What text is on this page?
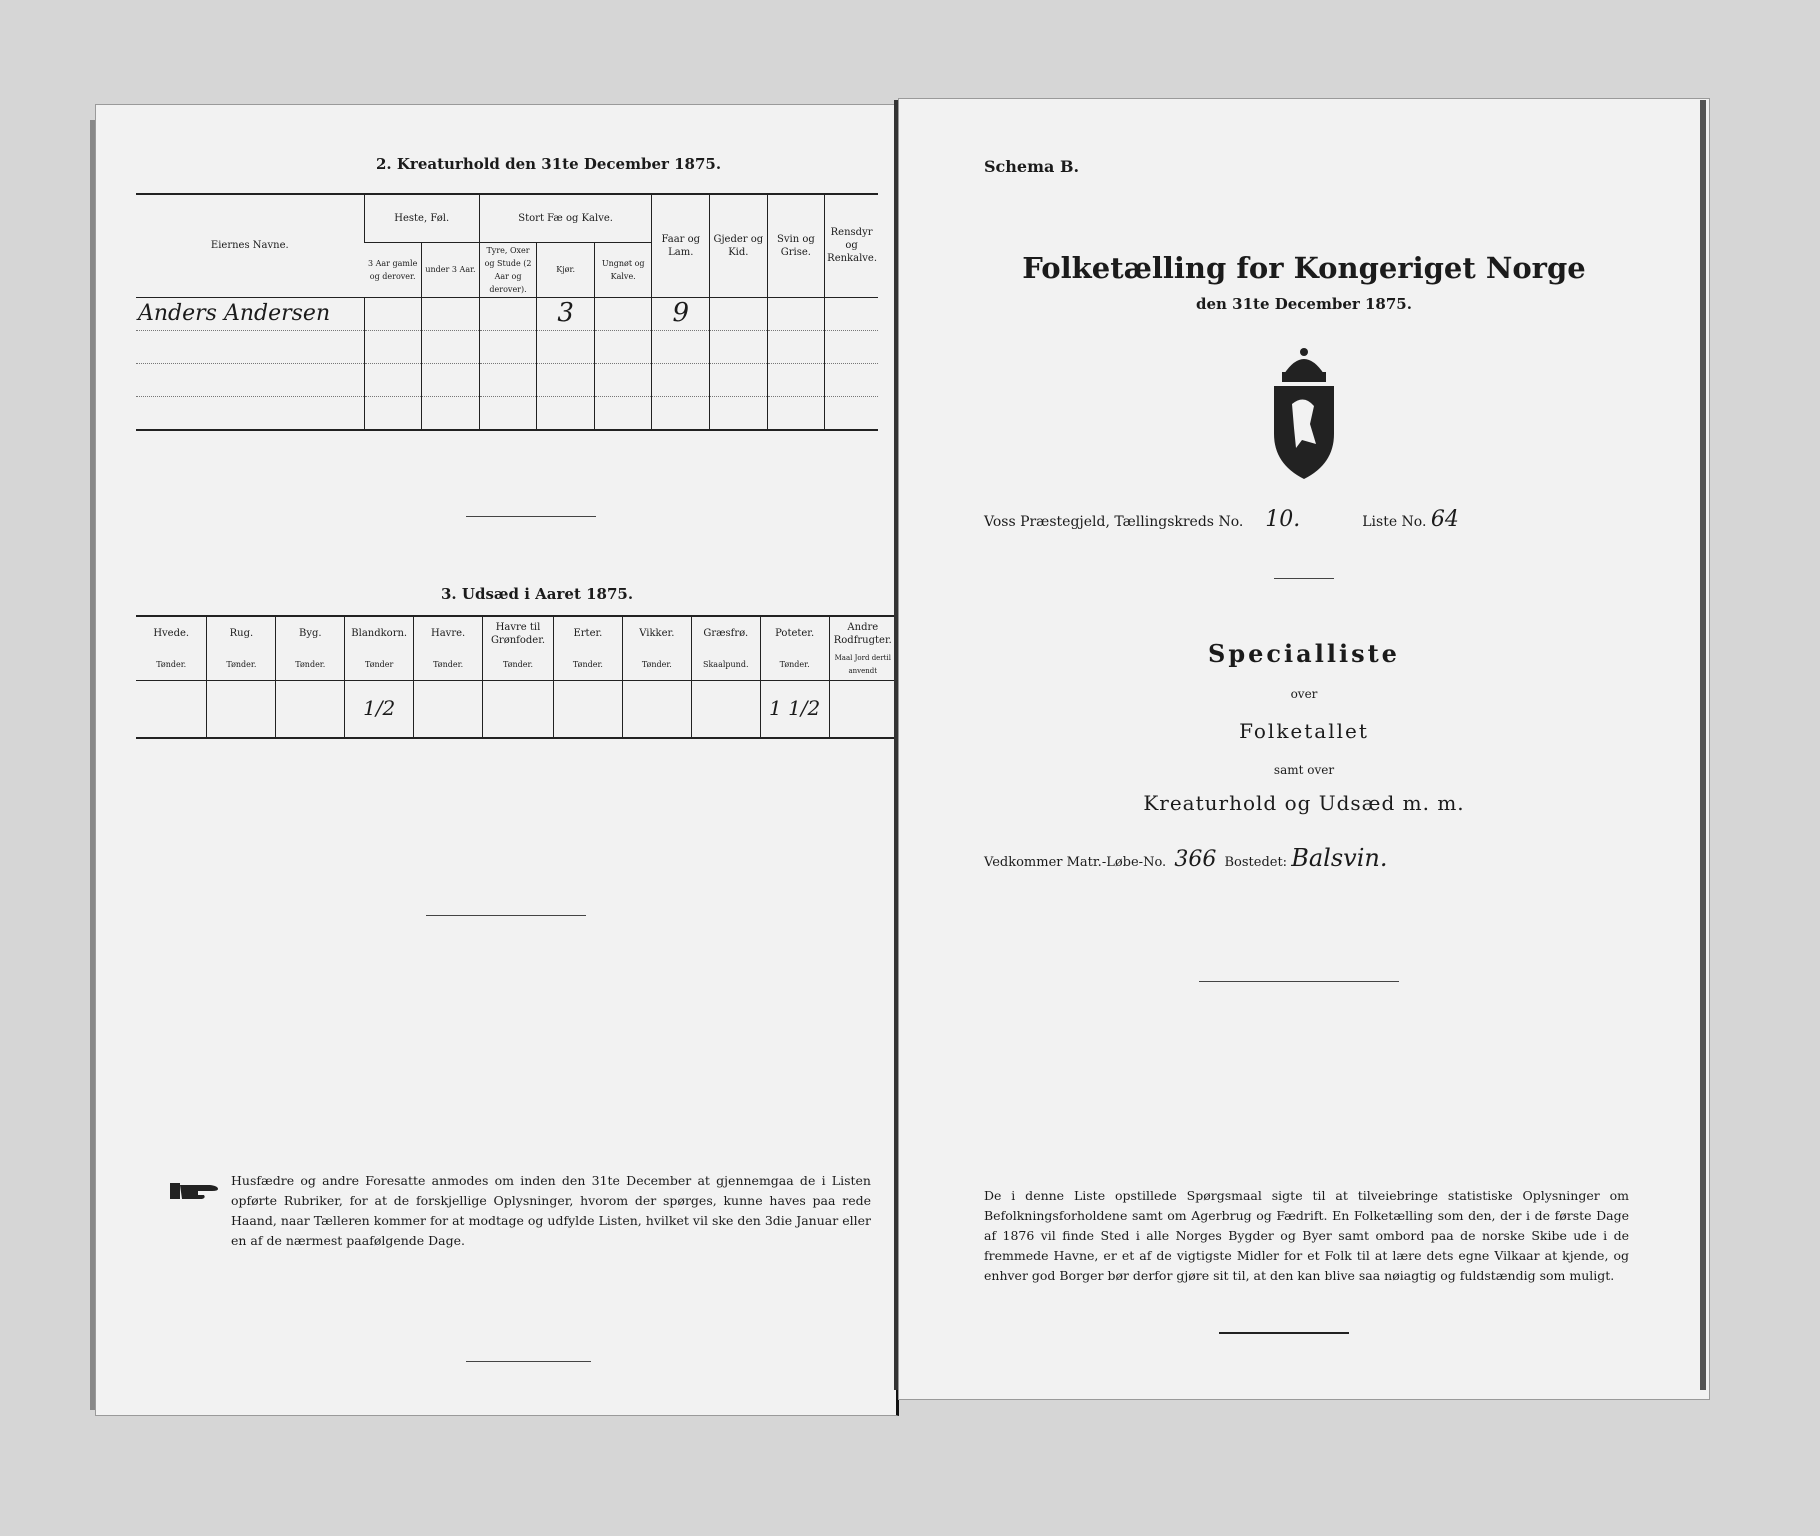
2. Kreaturhold den 31te December 1875.
Eiernes Navne.	Heste, Føl.		Stort Fæ og Kalve.			Faar og Lam.	Gjeder og Kid.	Svin og Grise.	Rensdyr og Renkalve.
	3 Aar gamle og derover.	under 3 Aar.	Tyre, Oxer og Stude (2 Aar og derover).	Kjør.	Ungnøt og Kalve.				
Anders Andersen				3		9			

3. Udsæd i Aaret 1875.
Hvede.	Rug.	Byg.	Blandkorn.	Havre.	Havre til Grønfoder.	Erter.	Vikker.	Græsfrø.	Poteter.	Andre Rodfrugter.
Tønder.	Tønder.	Tønder.	Tønder	Tønder.	Tønder.	Tønder.	Tønder.	Skaalpund.	Tønder.	Maal Jord dertil anvendt
			1/2						1 1/2	
Husfædre og andre Foresatte anmodes om inden den 31te December at gjennemgaa de i Listen opførte Rubriker, for at de forskjellige Oplysninger, hvorom der spørges, kunne haves paa rede Haand, naar Tælleren kommer for at modtage og udfylde Listen, hvilket vil ske den 3die Januar eller en af de nærmest paafølgende Dage.
Schema B.
Folketælling for Kongeriget Norge
den 31te December 1875.
Voss Præstegjeld, Tællingskreds No. 10.	Liste No. 64
Specialliste
over
Folketallet
samt over
Kreaturhold og Udsæd m. m.
Vedkommer Matr.-Løbe-No. 366 Bostedet: Balsvin.
De i denne Liste opstillede Spørgsmaal sigte til at tilveiebringe statistiske Oplysninger om Befolkningsforholdene samt om Agerbrug og Fædrift. En Folketælling som den, der i de første Dage af 1876 vil finde Sted i alle Norges Bygder og Byer samt ombord paa de norske Skibe ude i de fremmede Havne, er et af de vigtigste Midler for et Folk til at lære dets egne Vilkaar at kjende, og enhver god Borger bør derfor gjøre sit til, at den kan blive saa nøiagtig og fuldstændig som muligt.
